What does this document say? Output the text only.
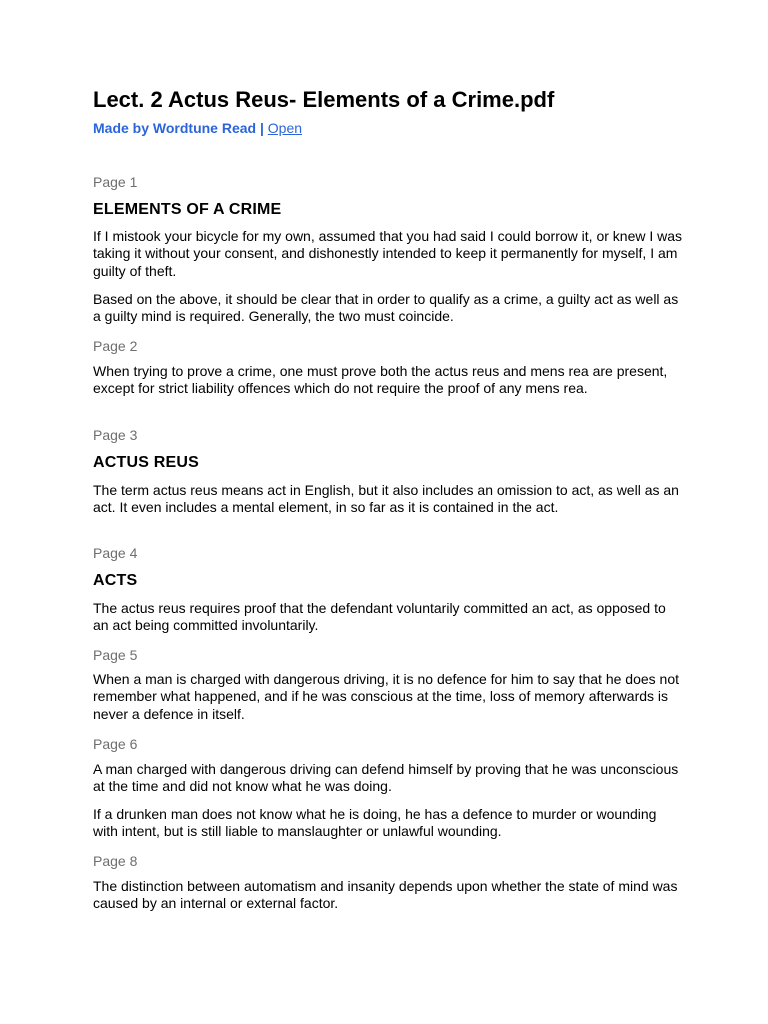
Lect. 2 Actus Reus- Elements of a Crime.pdf
Made by Wordtune Read | Open
Page 1
ELEMENTS OF A CRIME

If I mistook your bicycle for my own, assumed that you had said I could borrow it, or knew I was taking it without your consent, and dishonestly intended to keep it permanently for myself, I am guilty of theft.

Based on the above, it should be clear that in order to qualify as a crime, a guilty act as well as a guilty mind is required. Generally, the two must coincide.

Page 2

When trying to prove a crime, one must prove both the actus reus and mens rea are present, except for strict liability offences which do not require the proof of any mens rea.

Page 3
ACTUS REUS

The term actus reus means act in English, but it also includes an omission to act, as well as an act. It even includes a mental element, in so far as it is contained in the act.

Page 4
ACTS

The actus reus requires proof that the defendant voluntarily committed an act, as opposed to an act being committed involuntarily.

Page 5

When a man is charged with dangerous driving, it is no defence for him to say that he does not remember what happened, and if he was conscious at the time, loss of memory afterwards is never a defence in itself.

Page 6

A man charged with dangerous driving can defend himself by proving that he was unconscious at the time and did not know what he was doing.

If a drunken man does not know what he is doing, he has a defence to murder or wounding with intent, but is still liable to manslaughter or unlawful wounding.

Page 8

The distinction between automatism and insanity depends upon whether the state of mind was caused by an internal or external factor.
